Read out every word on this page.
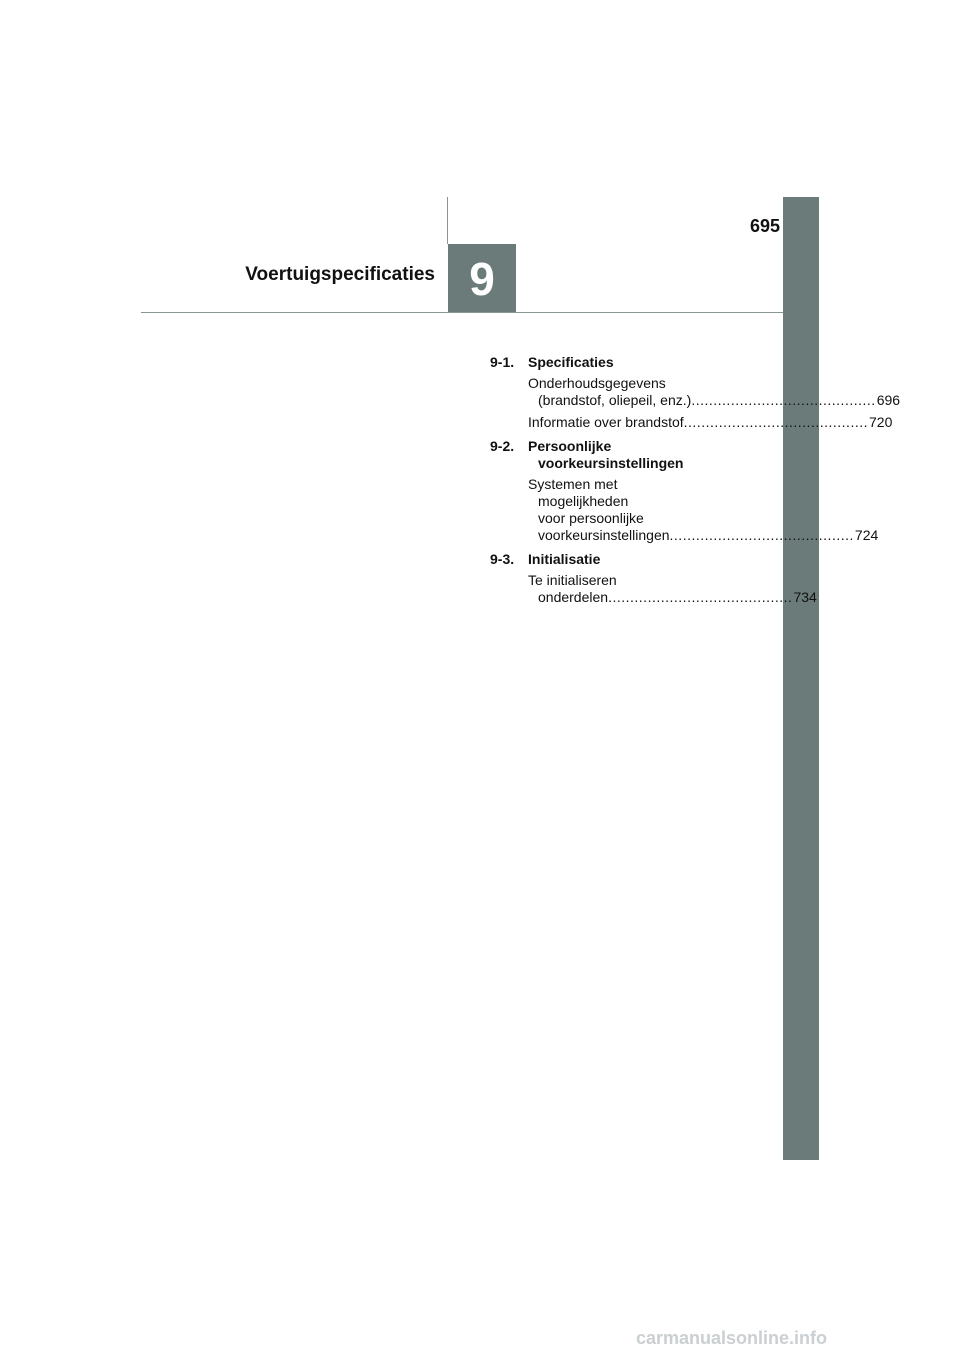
695
9
Voertuigspecificaties
9-1. Specificaties
Onderhoudsgegevens
(brandstof, oliepeil, enz.) .......................................... 696
Informatie over brandstof .......................................... 720
9-2. Persoonlijke
voorkeursinstellingen
Systemen met
mogelijkheden
voor persoonlijke
voorkeursinstellingen .......................................... 724
9-3. Initialisatie
Te initialiseren
onderdelen .......................................... 734
carmanualsonline.info
